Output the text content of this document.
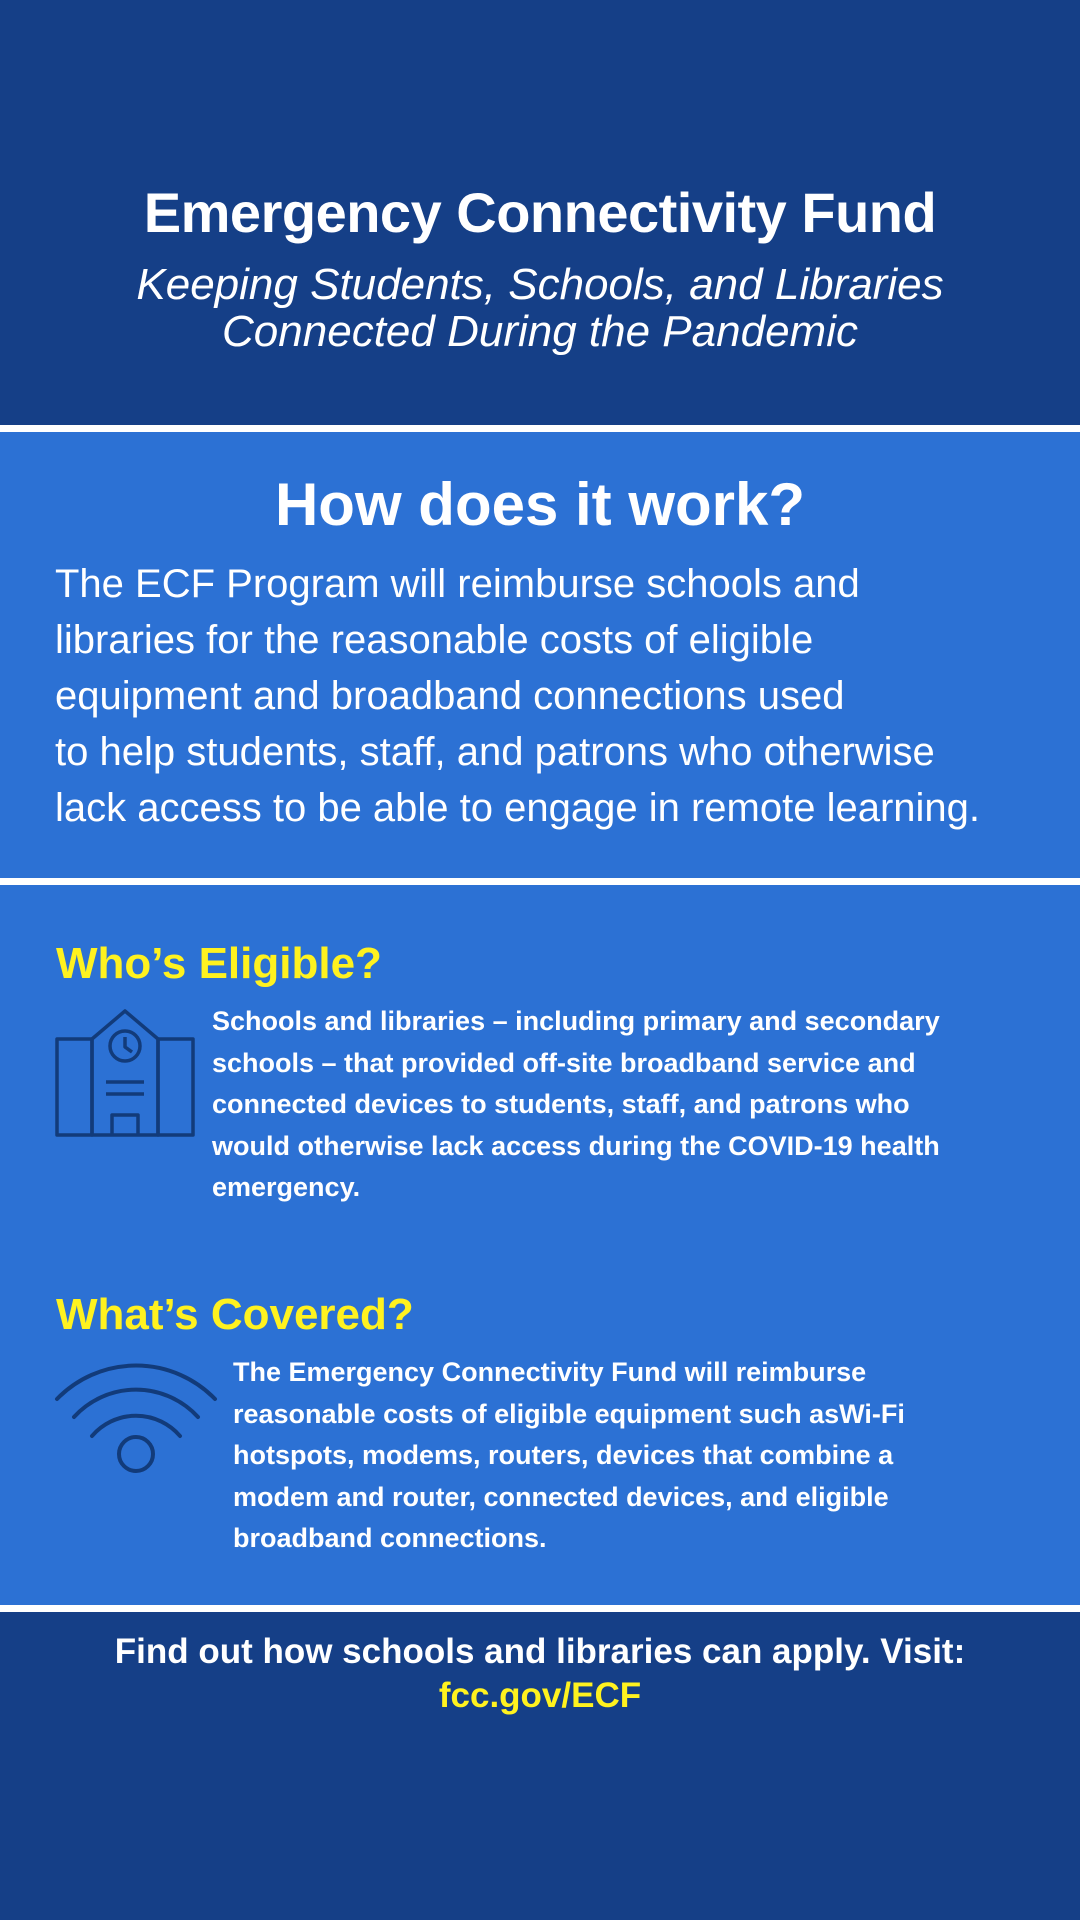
Emergency Connectivity Fund
Keeping Students, Schools, and Libraries
Connected During the Pandemic
How does it work?
The ECF Program will reimburse schools and
libraries for the reasonable costs of eligible
equipment and broadband connections used
to help students, staff, and patrons who otherwise
lack access to be able to engage in remote learning.
Who’s Eligible?
Schools and libraries – including primary and secondary
schools – that provided off-site broadband service and
connected devices to students, staff, and patrons who
would otherwise lack access during the COVID-19 health
emergency.
What’s Covered?
The Emergency Connectivity Fund will reimburse
reasonable costs of eligible equipment such asWi-Fi
hotspots, modems, routers, devices that combine a
modem and router, connected devices, and eligible
broadband connections.
Find out how schools and libraries can apply. Visit:
fcc.gov/ECF
